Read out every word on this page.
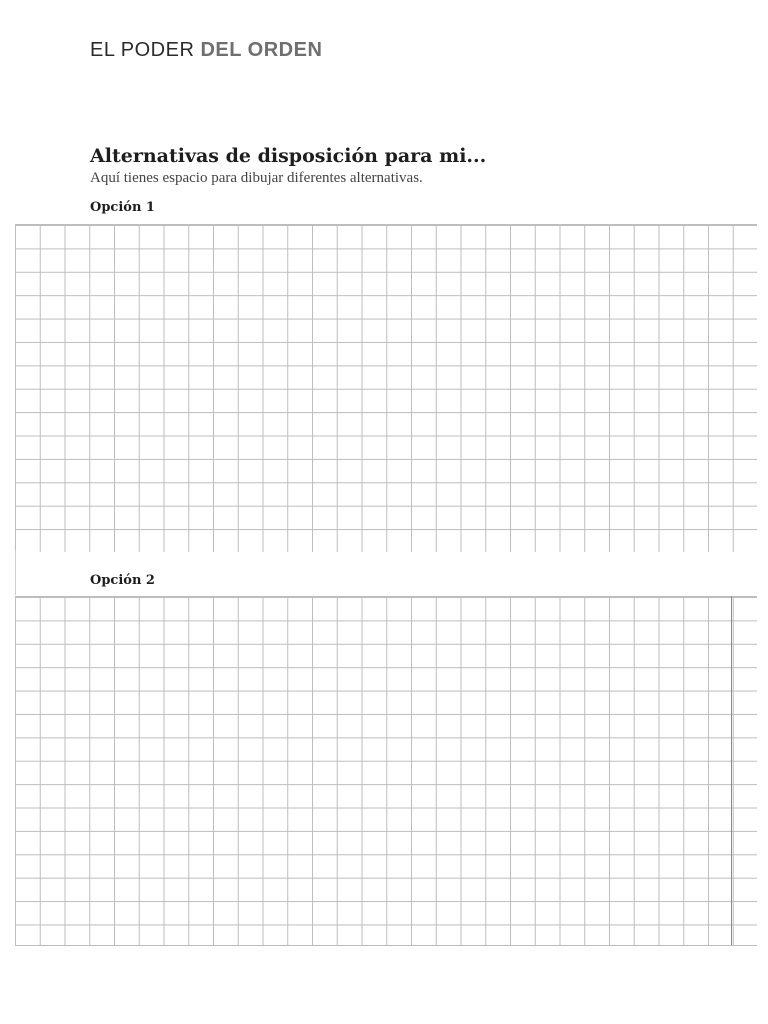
EL PODER DEL ORDEN
Alternativas de disposición para mi...
Aquí tienes espacio para dibujar diferentes alternativas.
Opción 1
Opción 2
